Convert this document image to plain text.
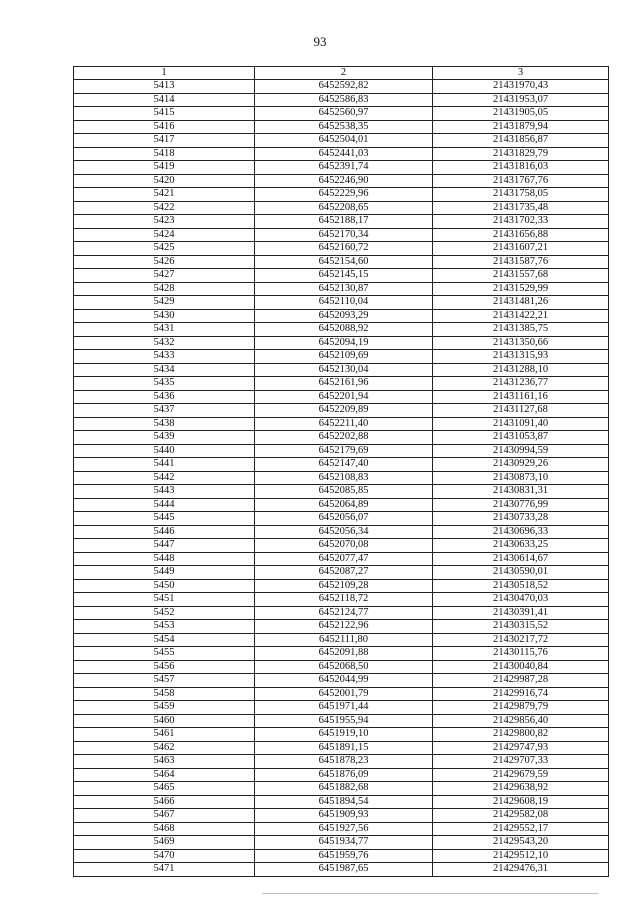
93
1	2	3
5413	6452592,82	21431970,43
5414	6452586,83	21431953,07
5415	6452560,97	21431905,05
5416	6452538,35	21431879,94
5417	6452504,01	21431856,87
5418	6452441,03	21431829,79
5419	6452391,74	21431816,03
5420	6452246,90	21431767,76
5421	6452229,96	21431758,05
5422	6452208,65	21431735,48
5423	6452188,17	21431702,33
5424	6452170,34	21431656,88
5425	6452160,72	21431607,21
5426	6452154,60	21431587,76
5427	6452145,15	21431557,68
5428	6452130,87	21431529,99
5429	6452110,04	21431481,26
5430	6452093,29	21431422,21
5431	6452088,92	21431385,75
5432	6452094,19	21431350,66
5433	6452109,69	21431315,93
5434	6452130,04	21431288,10
5435	6452161,96	21431236,77
5436	6452201,94	21431161,16
5437	6452209,89	21431127,68
5438	6452211,40	21431091,40
5439	6452202,88	21431053,87
5440	6452179,69	21430994,59
5441	6452147,40	21430929,26
5442	6452108,83	21430873,10
5443	6452085,85	21430831,31
5444	6452064,89	21430776,99
5445	6452056,07	21430733,28
5446	6452056,34	21430696,33
5447	6452070,08	21430633,25
5448	6452077,47	21430614,67
5449	6452087,27	21430590,01
5450	6452109,28	21430518,52
5451	6452118,72	21430470,03
5452	6452124,77	21430391,41
5453	6452122,96	21430315,52
5454	6452111,80	21430217,72
5455	6452091,88	21430115,76
5456	6452068,50	21430040,84
5457	6452044,99	21429987,28
5458	6452001,79	21429916,74
5459	6451971,44	21429879,79
5460	6451955,94	21429856,40
5461	6451919,10	21429800,82
5462	6451891,15	21429747,93
5463	6451878,23	21429707,33
5464	6451876,09	21429679,59
5465	6451882,68	21429638,92
5466	6451894,54	21429608,19
5467	6451909,93	21429582,08
5468	6451927,56	21429552,17
5469	6451934,77	21429543,20
5470	6451959,76	21429512,10
5471	6451987,65	21429476,31
